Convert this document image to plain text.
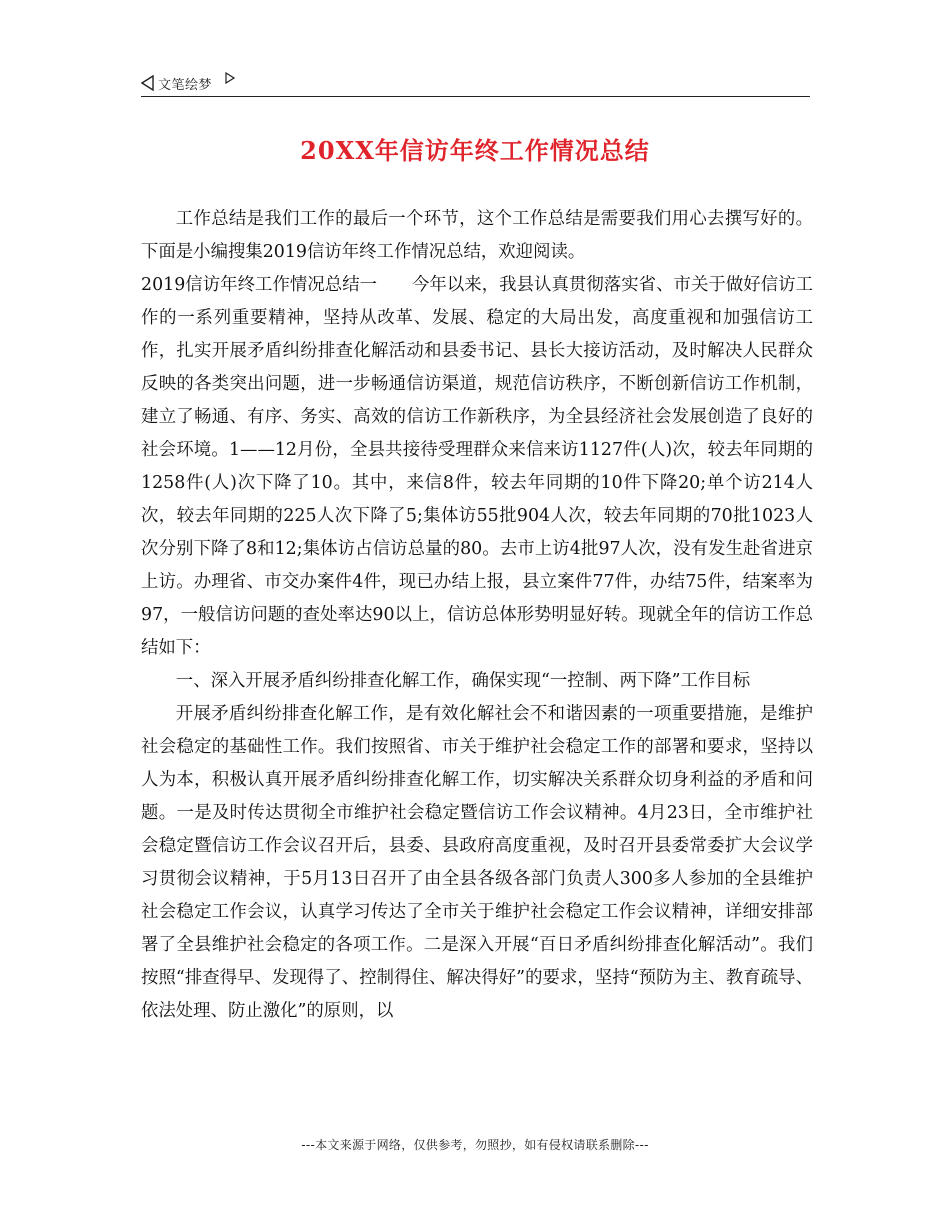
文笔绘梦
20XX年信访年终工作情况总结

工作总结是我们工作的最后一个环节，这个工作总结是需要我们用心去撰写好的。下面是小编搜集2019信访年终工作情况总结，欢迎阅读。

2019信访年终工作情况总结一　　今年以来，我县认真贯彻落实省、市关于做好信访工作的一系列重要精神，坚持从改革、发展、稳定的大局出发，高度重视和加强信访工作，扎实开展矛盾纠纷排查化解活动和县委书记、县长大接访活动，及时解决人民群众反映的各类突出问题，进一步畅通信访渠道，规范信访秩序，不断创新信访工作机制，建立了畅通、有序、务实、高效的信访工作新秩序，为全县经济社会发展创造了良好的社会环境。1——12月份，全县共接待受理群众来信来访1127件(人)次，较去年同期的1258件(人)次下降了10。其中，来信8件，较去年同期的10件下降20;单个访214人次，较去年同期的225人次下降了5;集体访55批904人次，较去年同期的70批1023人次分别下降了8和12;集体访占信访总量的80。去市上访4批97人次，没有发生赴省进京上访。办理省、市交办案件4件，现已办结上报，县立案件77件，办结75件，结案率为97，一般信访问题的查处率达90以上，信访总体形势明显好转。现就全年的信访工作总结如下：

一、深入开展矛盾纠纷排查化解工作，确保实现“一控制、两下降”工作目标

开展矛盾纠纷排查化解工作，是有效化解社会不和谐因素的一项重要措施，是维护社会稳定的基础性工作。我们按照省、市关于维护社会稳定工作的部署和要求，坚持以人为本，积极认真开展矛盾纠纷排查化解工作，切实解决关系群众切身利益的矛盾和问题。一是及时传达贯彻全市维护社会稳定暨信访工作会议精神。4月23日，全市维护社会稳定暨信访工作会议召开后，县委、县政府高度重视，及时召开县委常委扩大会议学习贯彻会议精神，于5月13日召开了由全县各级各部门负责人300多人参加的全县维护社会稳定工作会议，认真学习传达了全市关于维护社会稳定工作会议精神，详细安排部署了全县维护社会稳定的各项工作。二是深入开展“百日矛盾纠纷排查化解活动”。我们按照“排查得早、发现得了、控制得住、解决得好”的要求，坚持“预防为主、教育疏导、依法处理、防止激化”的原则，以

---本文来源于网络，仅供参考，勿照抄，如有侵权请联系删除---
